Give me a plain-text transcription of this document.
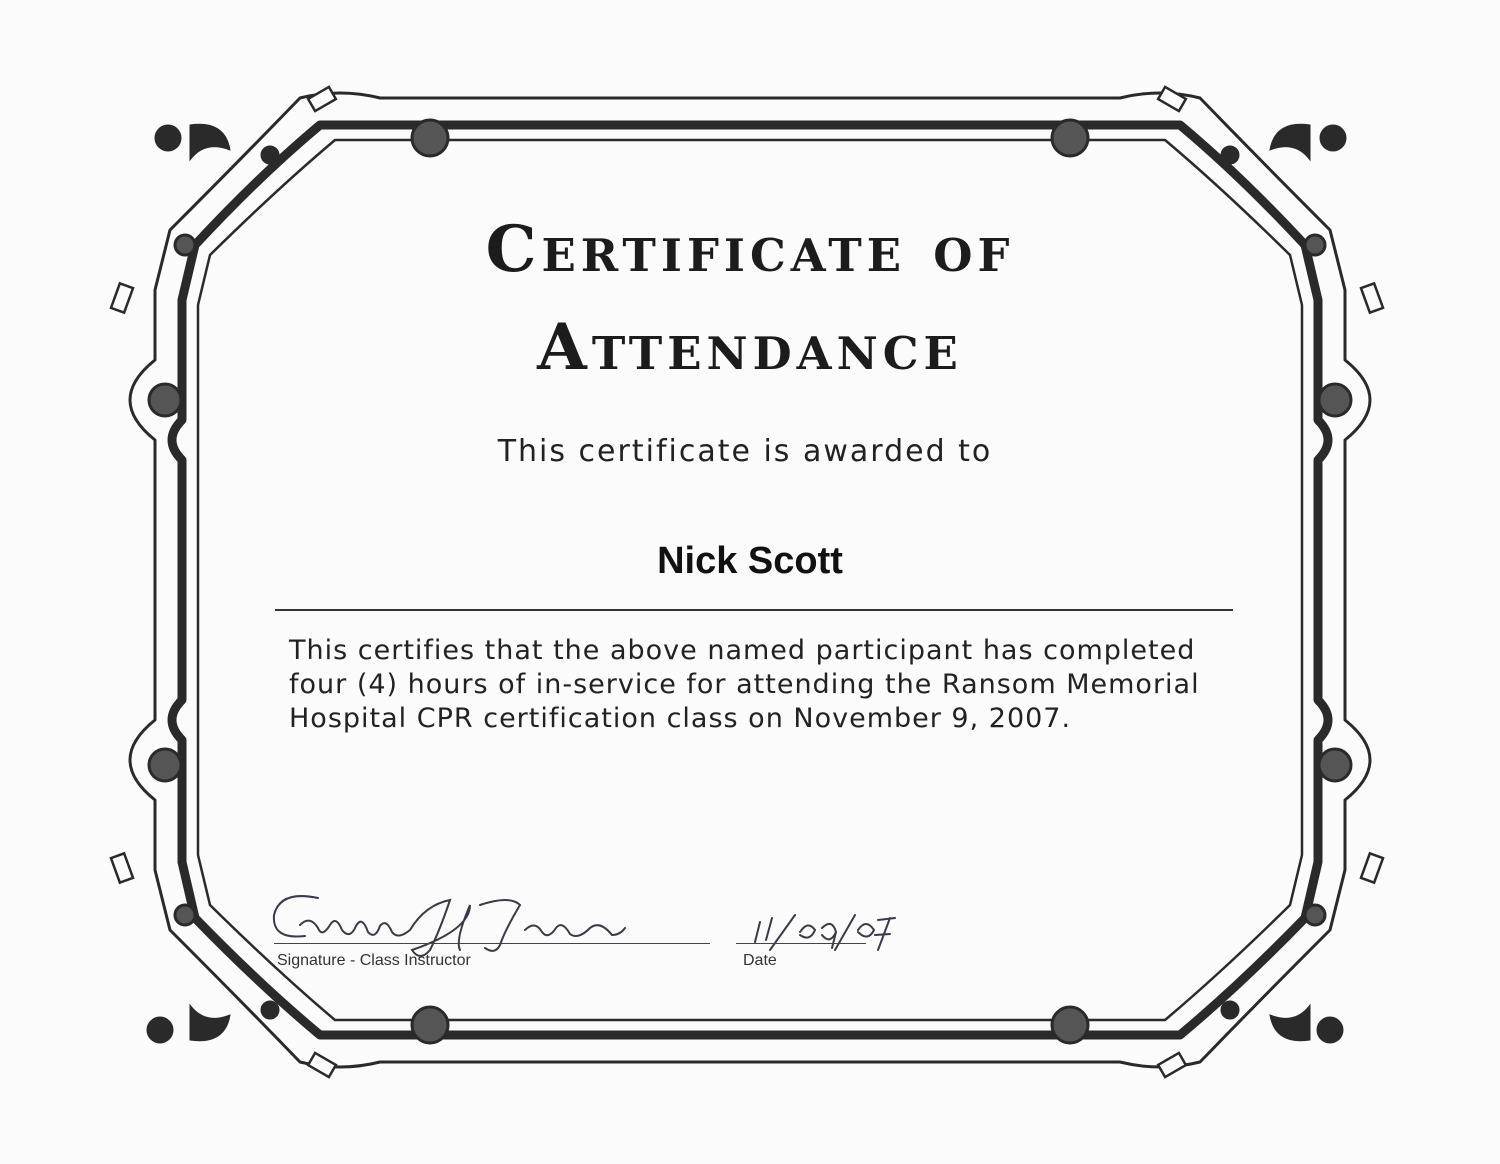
Certificate of
Attendance
This certificate is awarded to
Nick Scott
This certifies that the above named participant has completed
four (4) hours of in-service for attending the Ransom Memorial
Hospital CPR certification class on November 9, 2007.
Signature - Class Instructor	Date
